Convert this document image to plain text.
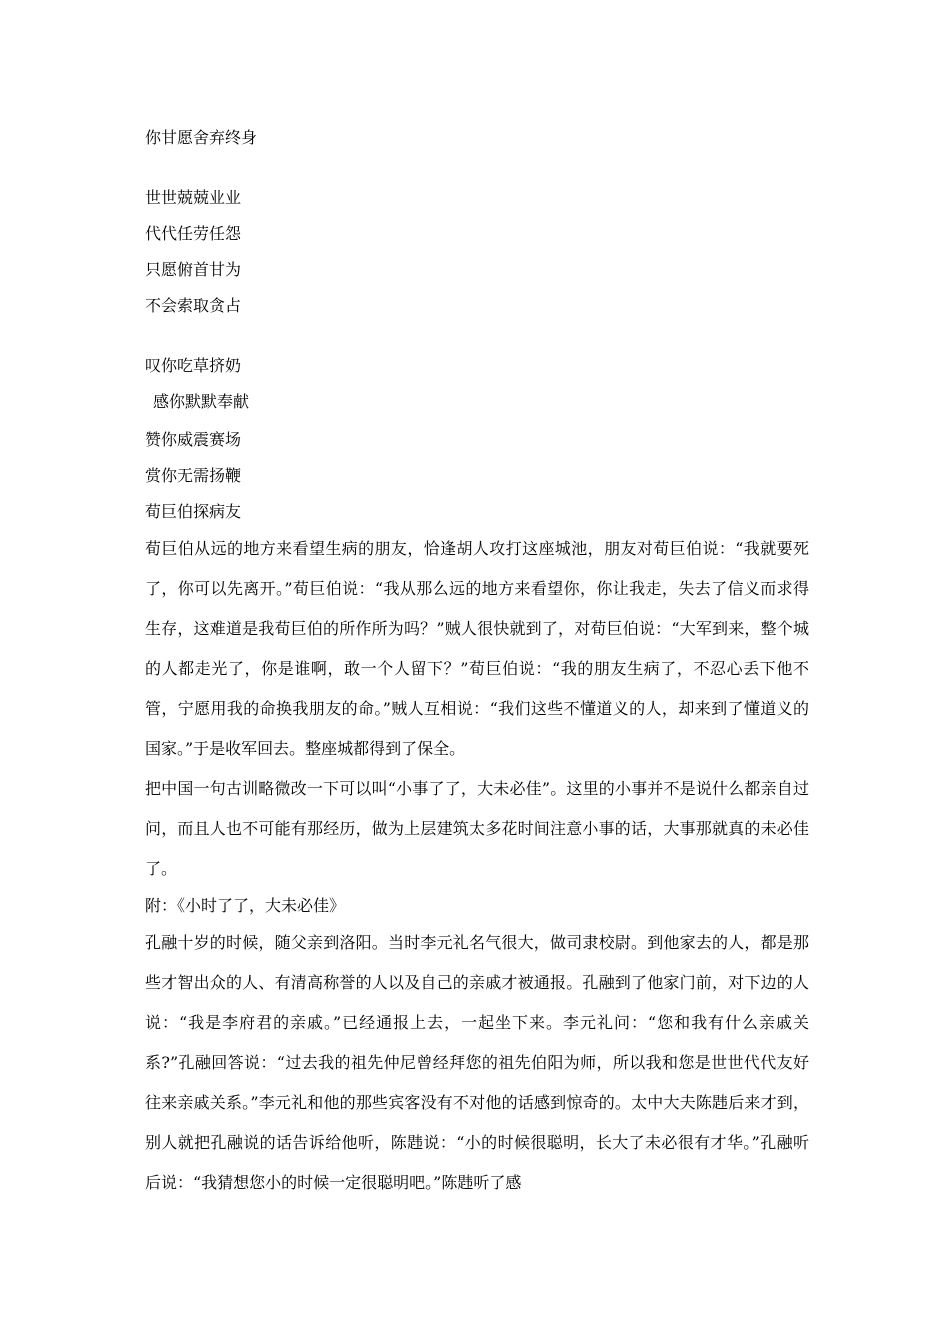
你甘愿舍弃终身
世世兢兢业业
代代任劳任怨
只愿俯首甘为
不会索取贪占
叹你吃草挤奶
感你默默奉献
赞你威震赛场
赏你无需扬鞭
荀巨伯探病友
荀巨伯从远的地方来看望生病的朋友，恰逢胡人攻打这座城池，朋友对荀巨伯说：“我就要死了，你可以先离开。”荀巨伯说：“我从那么远的地方来看望你，你让我走，失去了信义而求得生存，这难道是我荀巨伯的所作所为吗？”贼人很快就到了，对荀巨伯说：“大军到来，整个城的人都走光了，你是谁啊，敢一个人留下？”荀巨伯说：“我的朋友生病了，不忍心丢下他不管，宁愿用我的命换我朋友的命。”贼人互相说：“我们这些不懂道义的人，却来到了懂道义的国家。”于是收军回去。整座城都得到了保全。
把中国一句古训略微改一下可以叫“小事了了，大未必佳”。这里的小事并不是说什么都亲自过问，而且人也不可能有那经历，做为上层建筑太多花时间注意小事的话，大事那就真的未必佳了。
附：《小时了了，大未必佳》
孔融十岁的时候，随父亲到洛阳。当时李元礼名气很大，做司隶校尉。到他家去的人，都是那些才智出众的人、有清高称誉的人以及自己的亲戚才被通报。孔融到了他家门前，对下边的人说：“我是李府君的亲戚。”已经通报上去，一起坐下来。李元礼问：“您和我有什么亲戚关系?”孔融回答说：“过去我的祖先仲尼曾经拜您的祖先伯阳为师，所以我和您是世世代代友好往来亲戚关系。”李元礼和他的那些宾客没有不对他的话感到惊奇的。太中大夫陈韪后来才到，别人就把孔融说的话告诉给他听，陈韪说：“小的时候很聪明，长大了未必很有才华。”孔融听后说：“我猜想您小的时候一定很聪明吧。”陈韪听了感
